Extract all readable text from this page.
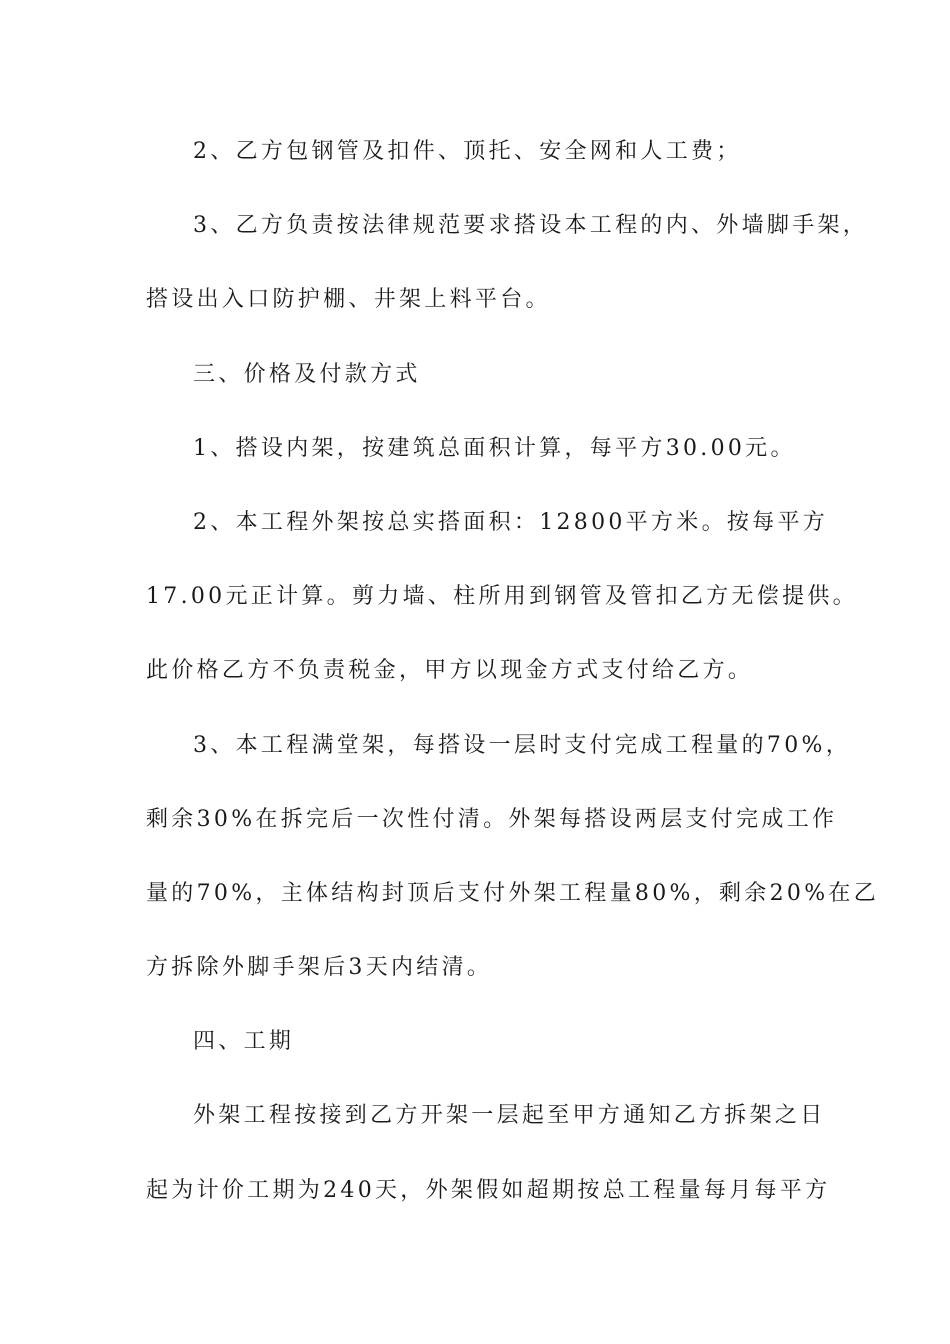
2、乙方包钢管及扣件、顶托、安全网和人工费；
3、乙方负责按法律规范要求搭设本工程的内、外墙脚手架，
搭设出入口防护棚、井架上料平台。
三、价格及付款方式
1、搭设内架，按建筑总面积计算，每平方30.00元。
2、本工程外架按总实搭面积：12800平方米。按每平方
17.00元正计算。剪力墙、柱所用到钢管及管扣乙方无偿提供。
此价格乙方不负责税金，甲方以现金方式支付给乙方。
3、本工程满堂架，每搭设一层时支付完成工程量的70%，
剩余30%在拆完后一次性付清。外架每搭设两层支付完成工作
量的70%，主体结构封顶后支付外架工程量80%，剩余20%在乙
方拆除外脚手架后3天内结清。
四、工期
外架工程按接到乙方开架一层起至甲方通知乙方拆架之日
起为计价工期为240天，外架假如超期按总工程量每月每平方
